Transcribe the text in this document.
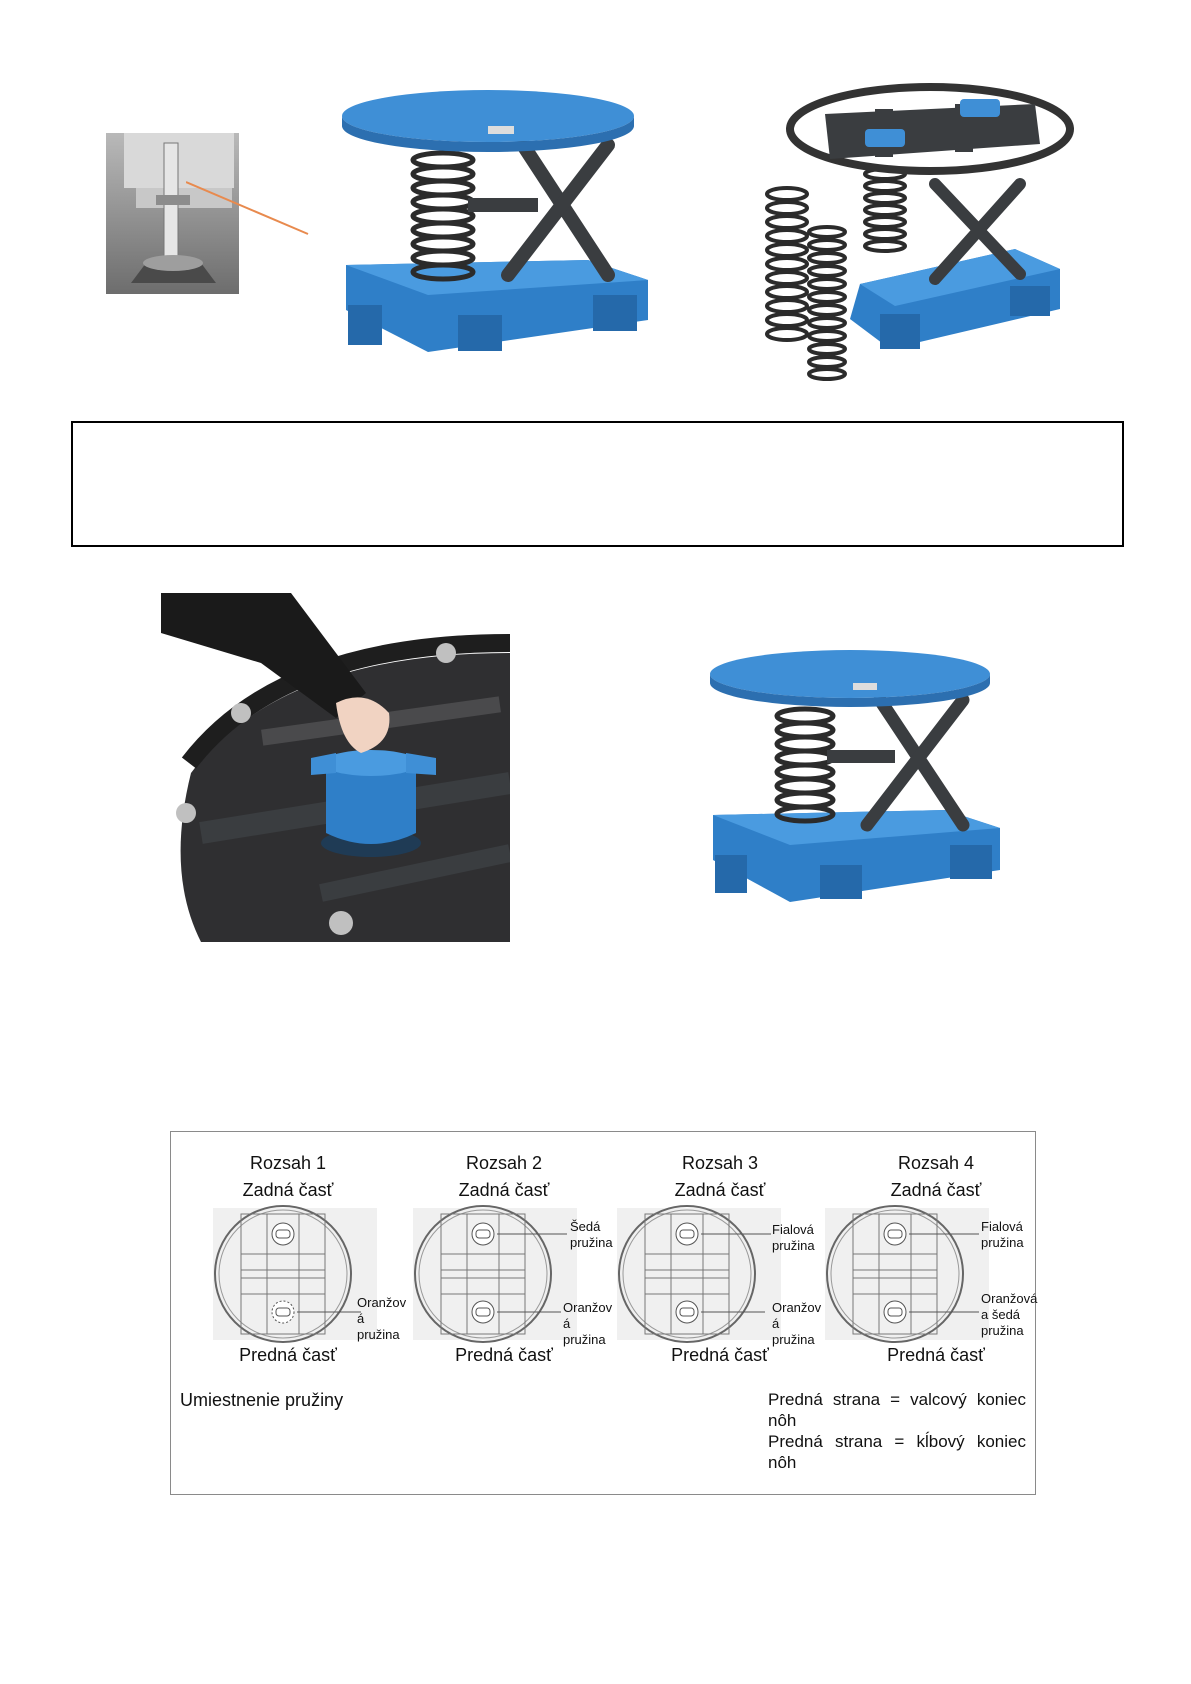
Rozsah 1
Zadná časť
Oranžov
á
pružina
Predná časť
Rozsah 2
Zadná časť
Šedá
pružina
Oranžov
á
pružina
Predná časť
Rozsah 3
Zadná časť
Fialová
pružina
Oranžov
á
pružina
Predná časť
Rozsah 4
Zadná časť
Fialová
pružina
Oranžová
a šedá
pružina
Predná časť
Umiestnenie pružiny	Predná strana = valcový koniec
nôh
Predná strana = kĺbový koniec
nôh
